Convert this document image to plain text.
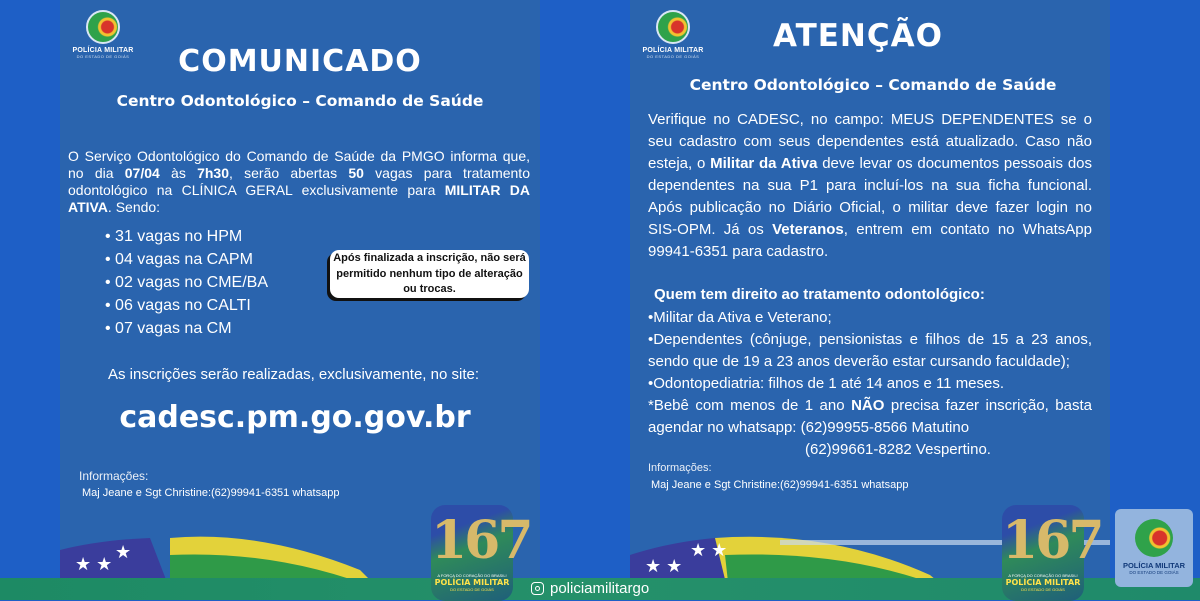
POLÍCIA MILITAR
DO ESTADO DE GOIÁS	COMUNICADO
Centro Odontológico – Comando de Saúde

O Serviço Odontológico do Comando de Saúde da PMGO informa que, no dia 07/04 às 7h30, serão abertas 50 vagas para tratamento odontológico na CLÍNICA GERAL exclusivamente para MILITAR DA ATIVA. Sendo:

• 31 vagas no HPM
• 04 vagas na CAPM
• 02 vagas no CME/BA
• 06 vagas no CALTI
• 07 vagas na CM
Após finalizada a inscrição, não será permitido nenhum tipo de alteração ou trocas.
As inscrições serão realizadas, exclusivamente, no site:
cadesc.pm.go.gov.br
Informações:
Maj Jeane e Sgt Christine:(62)99941-6351 whatsapp
★ ★
★
POLÍCIA MILITAR
DO ESTADO DE GOIÁS
ATENÇÃO
Centro Odontológico – Comando de Saúde

Verifique no CADESC, no campo: MEUS DEPENDENTES se o seu cadastro com seus dependentes está atualizado. Caso não esteja, o Militar da Ativa deve levar os documentos pessoais dos dependentes na sua P1 para incluí-los na sua ficha funcional. Após publicação no Diário Oficial, o militar deve fazer login no SIS-OPM. Já os Veteranos, entrem em contato no WhatsApp 99941-6351 para cadastro.

Quem tem direito ao tratamento odontológico:
•Militar da Ativa e Veterano;
•Dependentes (cônjuge, pensionistas e filhos de 15 a 23 anos, sendo que de 19 a 23 anos deverão estar cursando faculdade);
•Odontopediatria: filhos de 1 até 14 anos e 11 meses.
*Bebê com menos de 1 ano NÃO precisa fazer inscrição, basta agendar no whatsapp: (62)99955-8566 Matutino
(62)99661-8282 Vespertino.
Informações:
Maj Jeane e Sgt Christine:(62)99941-6351 whatsapp
★ ★
★ ★
167
A FORÇA DO CORAÇÃO DO BRASIL!
POLÍCIA MILITAR
DO ESTADO DE GOIÁS
167
A FORÇA DO CORAÇÃO DO BRASIL!
POLÍCIA MILITAR
DO ESTADO DE GOIÁS
POLÍCIA MILITAR
DO ESTADO DE GOIÁS
policiamilitargo
